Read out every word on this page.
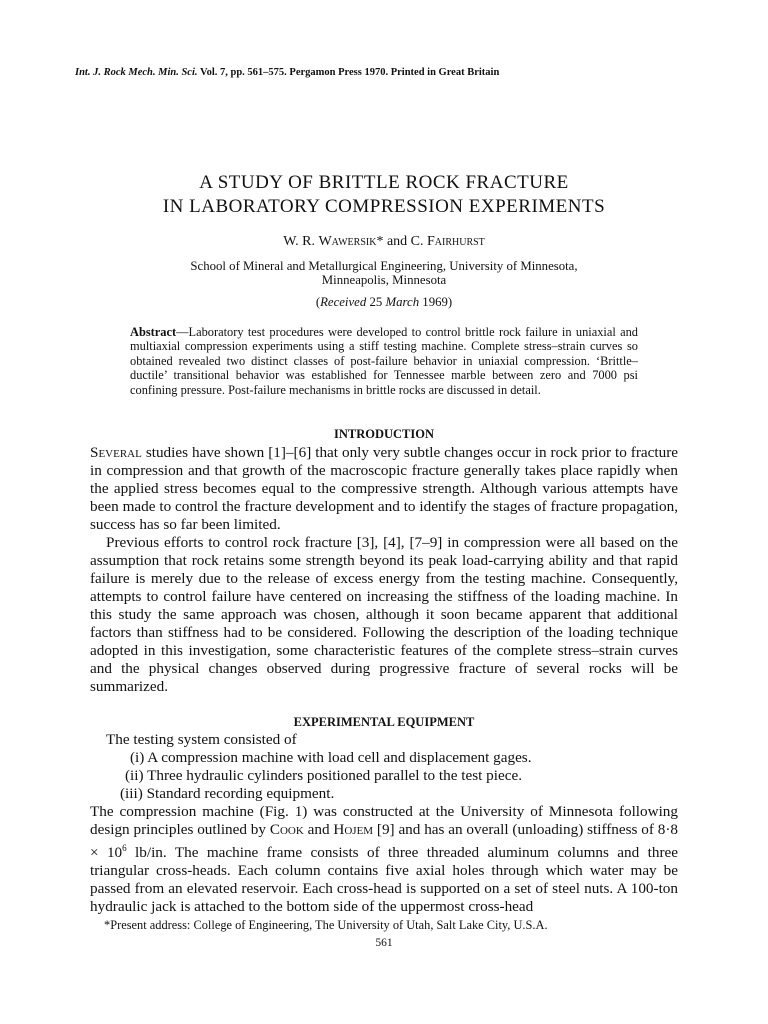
Int. J. Rock Mech. Min. Sci. Vol. 7, pp. 561–575. Pergamon Press 1970. Printed in Great Britain
A STUDY OF BRITTLE ROCK FRACTURE
IN LABORATORY COMPRESSION EXPERIMENTS
W. R. Wawersik* and C. Fairhurst
School of Mineral and Metallurgical Engineering, University of Minnesota,
Minneapolis, Minnesota
(Received 25 March 1969)
Abstract—Laboratory test procedures were developed to control brittle rock failure in uniaxial and multiaxial compression experiments using a stiff testing machine. Complete stress–strain curves so obtained revealed two distinct classes of post-failure behavior in uniaxial compression. ‘Brittle–ductile’ transitional behavior was established for Tennessee marble between zero and 7000 psi confining pressure. Post-failure mechanisms in brittle rocks are discussed in detail.
INTRODUCTION

Several studies have shown [1]–[6] that only very subtle changes occur in rock prior to fracture in compression and that growth of the macroscopic fracture generally takes place rapidly when the applied stress becomes equal to the compressive strength. Although various attempts have been made to control the fracture development and to identify the stages of fracture propagation, success has so far been limited.

Previous efforts to control rock fracture [3], [4], [7–9] in compression were all based on the assumption that rock retains some strength beyond its peak load-carrying ability and that rapid failure is merely due to the release of excess energy from the testing machine. Consequently, attempts to control failure have centered on increasing the stiffness of the loading machine. In this study the same approach was chosen, although it soon became apparent that additional factors than stiffness had to be considered. Following the description of the loading technique adopted in this investigation, some characteristic features of the complete stress–strain curves and the physical changes observed during progressive fracture of several rocks will be summarized.

EXPERIMENTAL EQUIPMENT
The testing system consisted of
(i) A compression machine with load cell and displacement gages.
(ii) Three hydraulic cylinders positioned parallel to the test piece.
(iii) Standard recording equipment.

The compression machine (Fig. 1) was constructed at the University of Minnesota following design principles outlined by Cook and Hojem [9] and has an overall (unloading) stiffness of $8\cdot 8 \times 10^6$ lb/in. The machine frame consists of three threaded aluminum columns and three triangular cross-heads. Each column contains five axial holes through which water may be passed from an elevated reservoir. Each cross-head is supported on a set of steel nuts. A 100-ton hydraulic jack is attached to the bottom side of the uppermost cross-head

*Present address: College of Engineering, The University of Utah, Salt Lake City, U.S.A.
561
